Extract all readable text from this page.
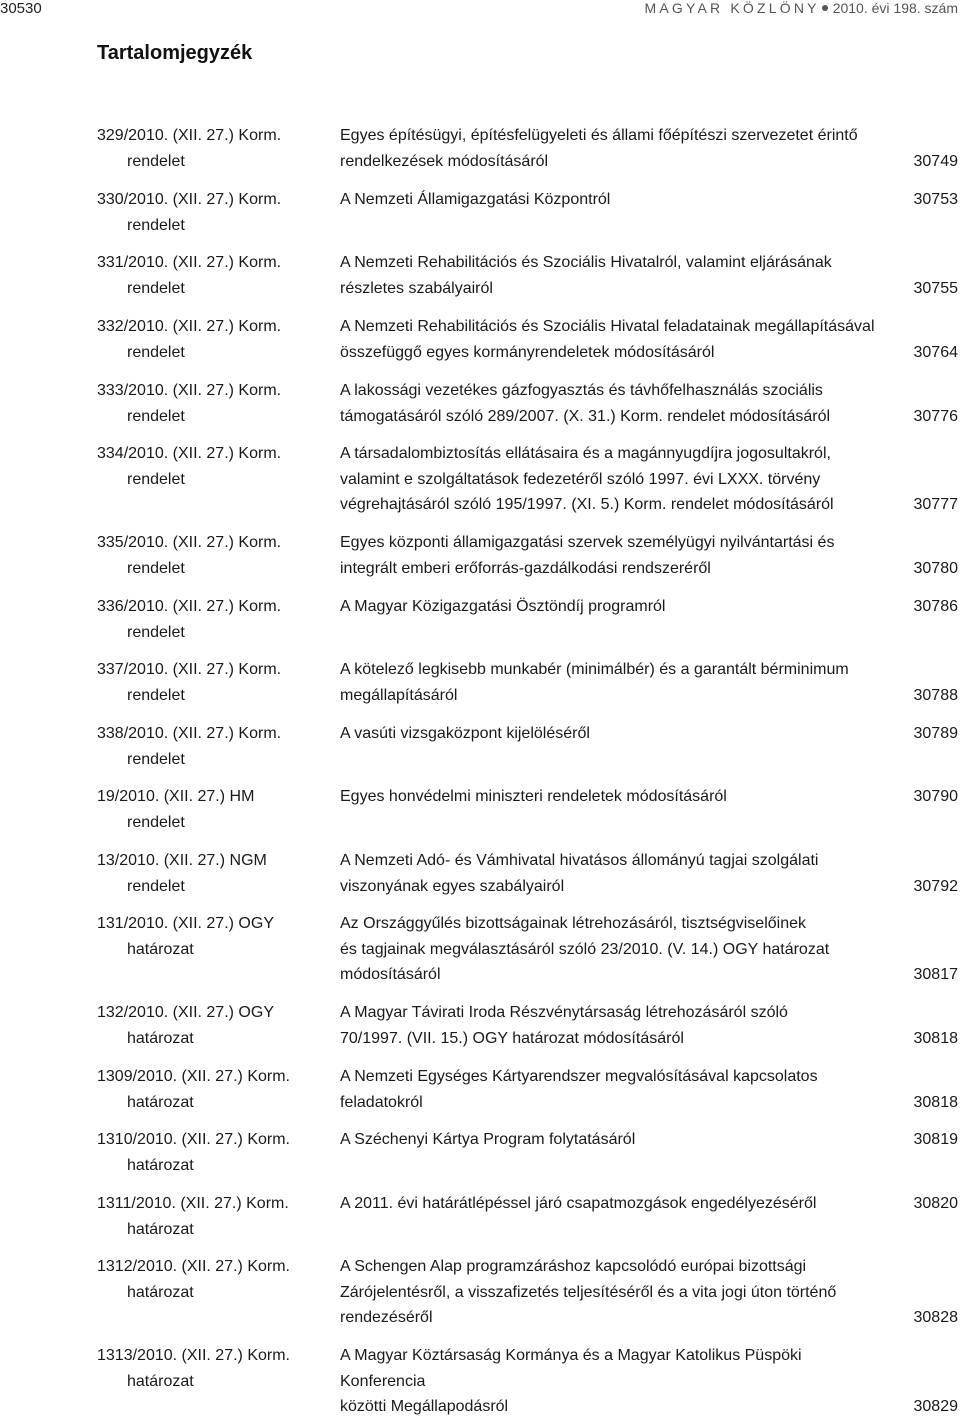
30530	MAGYAR KÖZLÖNY 2010. évi 198. szám
Tartalomjegyzék
329/2010. (XII. 27.) Korm.
rendelet
Egyes építésügyi, építésfelügyeleti és állami főépítészi szervezetet érintő
rendelkezések módosításáról	30749
330/2010. (XII. 27.) Korm.
rendelet
A Nemzeti Államigazgatási Központról	30753
331/2010. (XII. 27.) Korm.
rendelet
A Nemzeti Rehabilitációs és Szociális Hivatalról, valamint eljárásának
részletes szabályairól	30755
332/2010. (XII. 27.) Korm.
rendelet
A Nemzeti Rehabilitációs és Szociális Hivatal feladatainak megállapításával
összefüggő egyes kormányrendeletek módosításáról	30764
333/2010. (XII. 27.) Korm.
rendelet
A lakossági vezetékes gázfogyasztás és távhőfelhasználás szociális
támogatásáról szóló 289/2007. (X. 31.) Korm. rendelet módosításáról	30776
334/2010. (XII. 27.) Korm.
rendelet
A társadalombiztosítás ellátásaira és a magánnyugdíjra jogosultakról,
valamint e szolgáltatások fedezetéről szóló 1997. évi LXXX. törvény
végrehajtásáról szóló 195/1997. (XI. 5.) Korm. rendelet módosításáról	30777
335/2010. (XII. 27.) Korm.
rendelet
Egyes központi államigazgatási szervek személyügyi nyilvántartási és
integrált emberi erőforrás-gazdálkodási rendszeréről	30780
336/2010. (XII. 27.) Korm.
rendelet
A Magyar Közigazgatási Ösztöndíj programról	30786
337/2010. (XII. 27.) Korm.
rendelet
A kötelező legkisebb munkabér (minimálbér) és a garantált bérminimum
megállapításáról	30788
338/2010. (XII. 27.) Korm.
rendelet
A vasúti vizsgaközpont kijelöléséről	30789
19/2010. (XII. 27.) HM
rendelet
Egyes honvédelmi miniszteri rendeletek módosításáról	30790
13/2010. (XII. 27.) NGM
rendelet
A Nemzeti Adó- és Vámhivatal hivatásos állományú tagjai szolgálati
viszonyának egyes szabályairól	30792
131/2010. (XII. 27.) OGY
határozat
Az Országgyűlés bizottságainak létrehozásáról, tisztségviselőinek
és tagjainak megválasztásáról szóló 23/2010. (V. 14.) OGY határozat
módosításáról	30817
132/2010. (XII. 27.) OGY
határozat
A Magyar Távirati Iroda Részvénytársaság létrehozásáról szóló
70/1997. (VII. 15.) OGY határozat módosításáról	30818
1309/2010. (XII. 27.) Korm.
határozat
A Nemzeti Egységes Kártyarendszer megvalósításával kapcsolatos
feladatokról	30818
1310/2010. (XII. 27.) Korm.
határozat
A Széchenyi Kártya Program folytatásáról	30819
1311/2010. (XII. 27.) Korm.
határozat
A 2011. évi határátlépéssel járó csapatmozgások engedélyezéséről	30820
1312/2010. (XII. 27.) Korm.
határozat
A Schengen Alap programzáráshoz kapcsolódó európai bizottsági
Zárójelentésről, a visszafizetés teljesítéséről és a vita jogi úton történő
rendezéséről	30828
1313/2010. (XII. 27.) Korm.
határozat
A Magyar Köztársaság Kormánya és a Magyar Katolikus Püspöki Konferencia
közötti Megállapodásról	30829
